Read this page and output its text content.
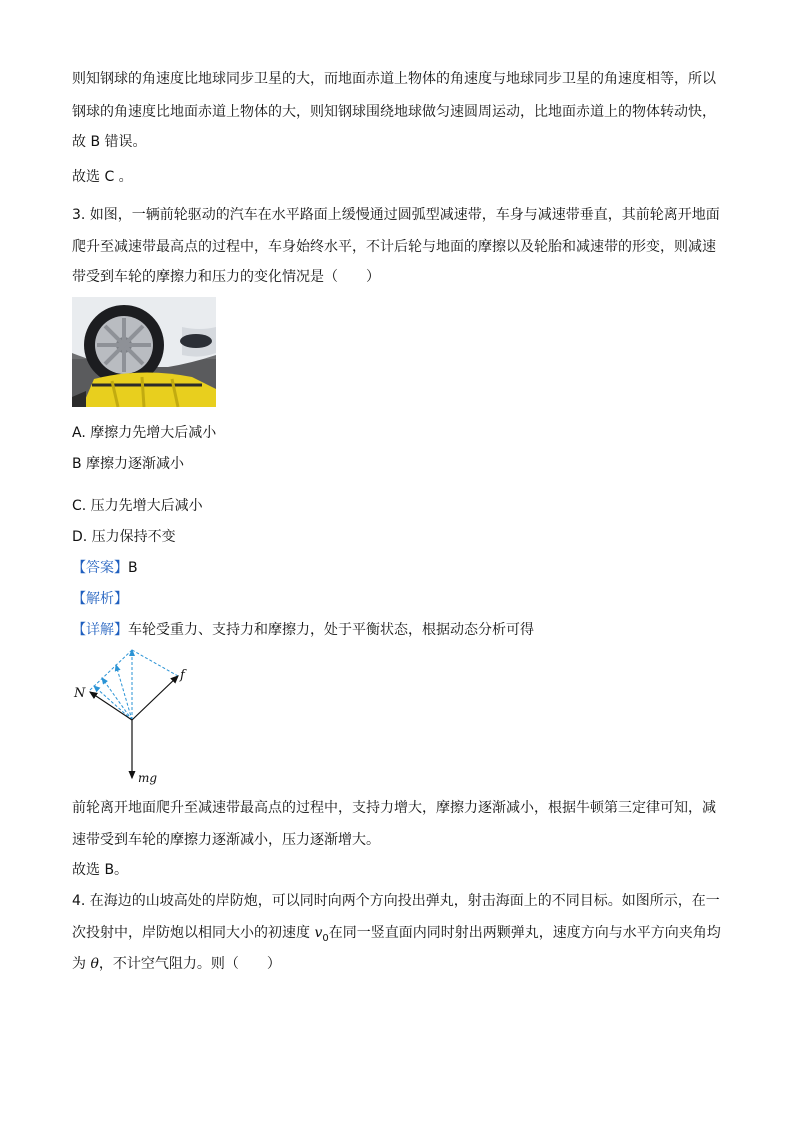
则知钢球的角速度比地球同步卫星的大，而地面赤道上物体的角速度与地球同步卫星的角速度相等，所以
钢球的角速度比地面赤道上物体的大，则知钢球围绕地球做匀速圆周运动，比地面赤道上的物体转动快，
故 B 错误。
故选 C 。
3. 如图，一辆前轮驱动的汽车在水平路面上缓慢通过圆弧型减速带，车身与减速带垂直，其前轮离开地面
爬升至减速带最高点的过程中，车身始终水平，不计后轮与地面的摩擦以及轮胎和减速带的形变，则减速
带受到车轮的摩擦力和压力的变化情况是（　　）
A. 摩擦力先增大后减小
B 摩擦力逐渐减小
C. 压力先增大后减小
D. 压力保持不变
【答案】B
【解析】
【详解】车轮受重力、支持力和摩擦力，处于平衡状态，根据动态分析可得
N
f
mg
前轮离开地面爬升至减速带最高点的过程中，支持力增大，摩擦力逐渐减小，根据牛顿第三定律可知，减
速带受到车轮的摩擦力逐渐减小，压力逐渐增大。
故选 B。
4. 在海边的山坡高处的岸防炮，可以同时向两个方向投出弹丸，射击海面上的不同目标。如图所示，在一
次投射中，岸防炮以相同大小的初速度 $v_0$在同一竖直面内同时射出两颗弹丸，速度方向与水平方向夹角均
为 θ，不计空气阻力。则（　　）
